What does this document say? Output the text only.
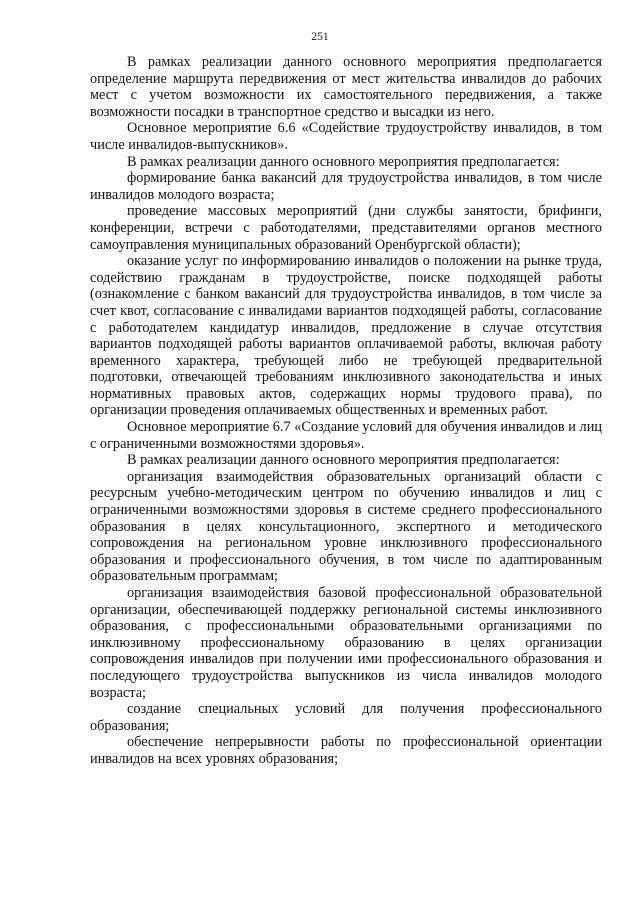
251

В рамках реализации данного основного мероприятия предполагается определение маршрута передвижения от мест жительства инвалидов до рабочих мест с учетом возможности их самостоятельного передвижения, а также возможности посадки в транспортное средство и высадки из него.

Основное мероприятие 6.6 «Содействие трудоустройству инвалидов, в том числе инвалидов-выпускников».

В рамках реализации данного основного мероприятия предполагается:

формирование банка вакансий для трудоустройства инвалидов, в том числе инвалидов молодого возраста;

проведение массовых мероприятий (дни службы занятости, брифинги, конференции, встречи с работодателями, представителями органов местного самоуправления муниципальных образований Оренбургской области);

оказание услуг по информированию инвалидов о положении на рынке труда, содействию гражданам в трудоустройстве, поиске подходящей работы (ознакомление с банком вакансий для трудоустройства инвалидов, в том числе за счет квот, согласование с инвалидами вариантов подходящей работы, согласование с работодателем кандидатур инвалидов, предложение в случае отсутствия вариантов подходящей работы вариантов оплачиваемой работы, включая работу временного характера, требующей либо не требующей предварительной подготовки, отвечающей требованиям инклюзивного законодательства и иных нормативных правовых актов, содержащих нормы трудового права), по организации проведения оплачиваемых общественных и временных работ.

Основное мероприятие 6.7 «Создание условий для обучения инвалидов и лиц с ограниченными возможностями здоровья».

В рамках реализации данного основного мероприятия предполагается:

организация взаимодействия образовательных организаций области с ресурсным учебно-методическим центром по обучению инвалидов и лиц с ограниченными возможностями здоровья в системе среднего профессионального образования в целях консультационного, экспертного и методического сопровождения на региональном уровне инклюзивного профессионального образования и профессионального обучения, в том числе по адаптированным образовательным программам;

организация взаимодействия базовой профессиональной образовательной организации, обеспечивающей поддержку региональной системы инклюзивного образования, с профессиональными образовательными организациями по инклюзивному профессиональному образованию в целях организации сопровождения инвалидов при получении ими профессионального образования и последующего трудоустройства выпускников из числа инвалидов молодого возраста;

создание специальных условий для получения профессионального образования;

обеспечение непрерывности работы по профессиональной ориентации инвалидов на всех уровнях образования;
